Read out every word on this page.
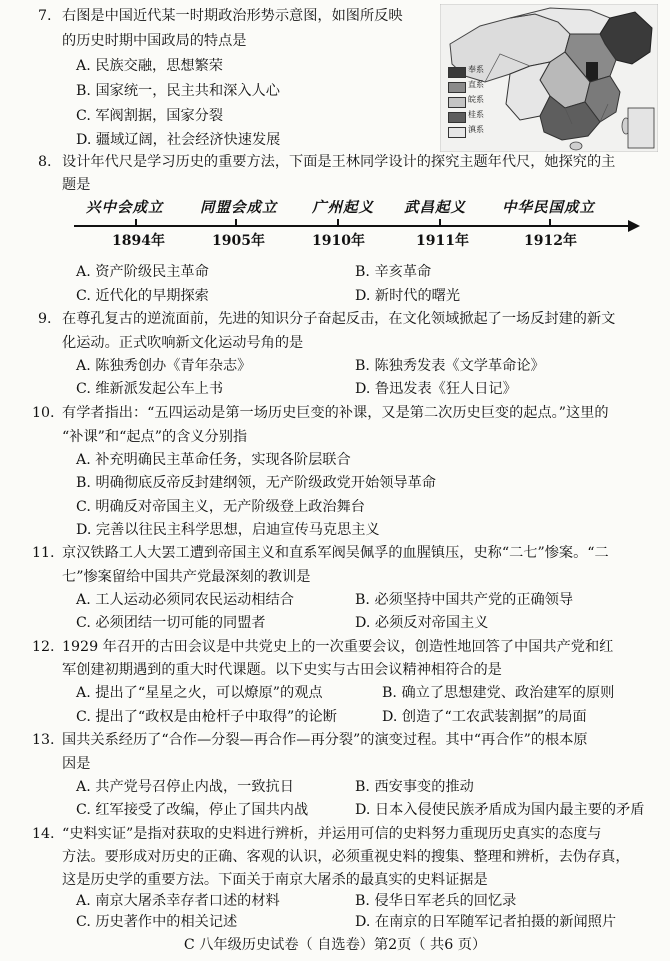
7. 右图是中国近代某一时期政治形势示意图，如图所反映
的历史时期中国政局的特点是
A. 民族交融，思想繁荣
B. 国家统一，民主共和深入人心
C. 军阀割据，国家分裂
D. 疆域辽阔，社会经济快速发展
奉系
直系
皖系
桂系
滇系
8. 设计年代尺是学习历史的重要方法，下面是王林同学设计的探究主题年代尺，她探究的主
题是
兴中会成立	同盟会成立 广州起义 武昌起义 中华民国成立
1894年	1905年	1910年	1911年	1912年
A. 资产阶级民主革命	B. 辛亥革命
C. 近代化的早期探索	D. 新时代的曙光
9. 在尊孔复古的逆流面前，先进的知识分子奋起反击，在文化领域掀起了一场反封建的新文
化运动。正式吹响新文化运动号角的是
A. 陈独秀创办《青年杂志》	B. 陈独秀发表《文学革命论》
C. 维新派发起公车上书	D. 鲁迅发表《狂人日记》
10. 有学者指出：“五四运动是第一场历史巨变的补课，又是第二次历史巨变的起点。”这里的
“补课”和“起点”的含义分别指
A. 补充明确民主革命任务，实现各阶层联合
B. 明确彻底反帝反封建纲领，无产阶级政党开始领导革命
C. 明确反对帝国主义，无产阶级登上政治舞台
D. 完善以往民主科学思想，启迪宣传马克思主义
11. 京汉铁路工人大罢工遭到帝国主义和直系军阀吴佩孚的血腥镇压，史称“二七”惨案。“二
七”惨案留给中国共产党最深刻的教训是
A. 工人运动必须同农民运动相结合	B. 必须坚持中国共产党的正确领导
C. 必须团结一切可能的同盟者	D. 必须反对帝国主义
12. 1929 年召开的古田会议是中共党史上的一次重要会议，创造性地回答了中国共产党和红
军创建初期遇到的重大时代课题。以下史实与古田会议精神相符合的是
A. 提出了“星星之火，可以燎原”的观点	B. 确立了思想建党、政治建军的原则
C. 提出了“政权是由枪杆子中取得”的论断	D. 创造了“工农武装割据”的局面
13. 国共关系经历了“合作—分裂—再合作—再分裂”的演变过程。其中“再合作”的根本原
因是
A. 共产党号召停止内战，一致抗日	B. 西安事变的推动
C. 红军接受了改编，停止了国共内战	D. 日本入侵使民族矛盾成为国内最主要的矛盾
14. “史料实证”是指对获取的史料进行辨析，并运用可信的史料努力重现历史真实的态度与
方法。要形成对历史的正确、客观的认识，必须重视史料的搜集、整理和辨析，去伪存真，
这是历史学的重要方法。下面关于南京大屠杀的最真实的史料证据是
A. 南京大屠杀幸存者口述的材料	B. 侵华日军老兵的回忆录
C. 历史著作中的相关记述	D. 在南京的日军随军记者拍摄的新闻照片
C 八年级历史试卷（ 自选卷）第2页（ 共6 页）
